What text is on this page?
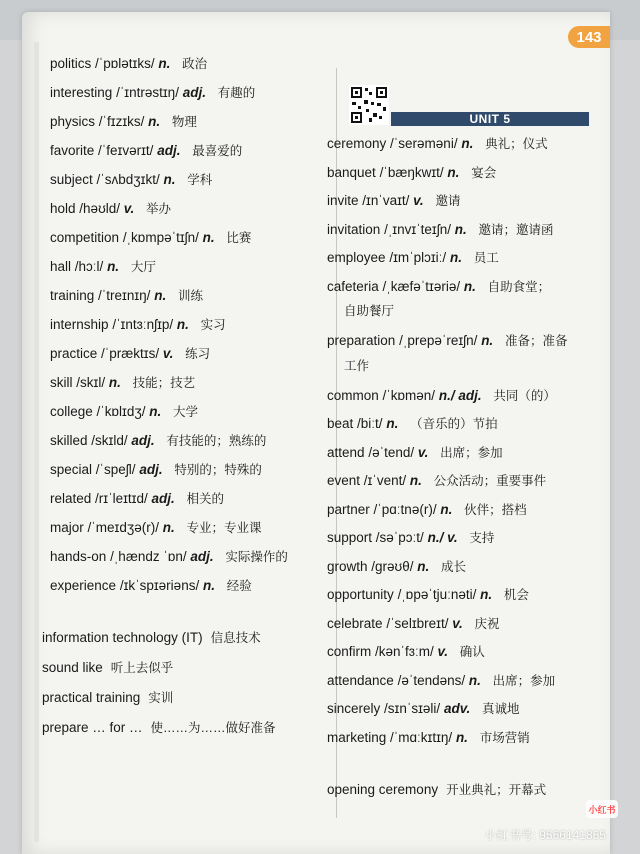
143
politics /ˈpɒlətɪks/ n. 政治
interesting /ˈɪntrəstɪŋ/ adj. 有趣的
physics /ˈfɪzɪks/ n. 物理
favorite /ˈfeɪvərɪt/ adj. 最喜爱的
subject /ˈsʌbdʒɪkt/ n. 学科
hold /həʊld/ v. 举办
competition /ˌkɒmpəˈtɪʃn/ n. 比赛
hall /hɔːl/ n. 大厅
training /ˈtreɪnɪŋ/ n. 训练
internship /ˈɪntɜːnʃɪp/ n. 实习
practice /ˈpræktɪs/ v. 练习
skill /skɪl/ n. 技能；技艺
college /ˈkɒlɪdʒ/ n. 大学
skilled /skɪld/ adj. 有技能的；熟练的
special /ˈspeʃl/ adj. 特别的；特殊的
related /rɪˈleɪtɪd/ adj. 相关的
major /ˈmeɪdʒə(r)/ n. 专业；专业课
hands-on /ˌhændz ˈɒn/ adj. 实际操作的
experience /ɪkˈspɪəriəns/ n. 经验
information technology (IT) 信息技术
sound like 听上去似乎
practical training 实训
prepare … for … 使……为……做好准备
UNIT 5
ceremony /ˈserəməni/ n. 典礼；仪式
banquet /ˈbæŋkwɪt/ n. 宴会
invite /ɪnˈvaɪt/ v. 邀请
invitation /ˌɪnvɪˈteɪʃn/ n. 邀请；邀请函
employee /ɪmˈplɔɪiː/ n. 员工
cafeteria /ˌkæfəˈtɪəriə/ n. 自助食堂；
自助餐厅
preparation /ˌprepəˈreɪʃn/ n. 准备；准备
工作
common /ˈkɒmən/ n./ adj. 共同（的）
beat /biːt/ n. （音乐的）节拍
attend /əˈtend/ v. 出席；参加
event /ɪˈvent/ n. 公众活动；重要事件
partner /ˈpɑːtnə(r)/ n. 伙伴；搭档
support /səˈpɔːt/ n./ v. 支持
growth /ɡrəʊθ/ n. 成长
opportunity /ˌɒpəˈtjuːnəti/ n. 机会
celebrate /ˈselɪbreɪt/ v. 庆祝
confirm /kənˈfɜːm/ v. 确认
attendance /əˈtendəns/ n. 出席；参加
sincerely /sɪnˈsɪəli/ adv. 真诚地
marketing /ˈmɑːkɪtɪŋ/ n. 市场营销
opening ceremony 开业典礼；开幕式
小红书
小红书号: 9566141865
